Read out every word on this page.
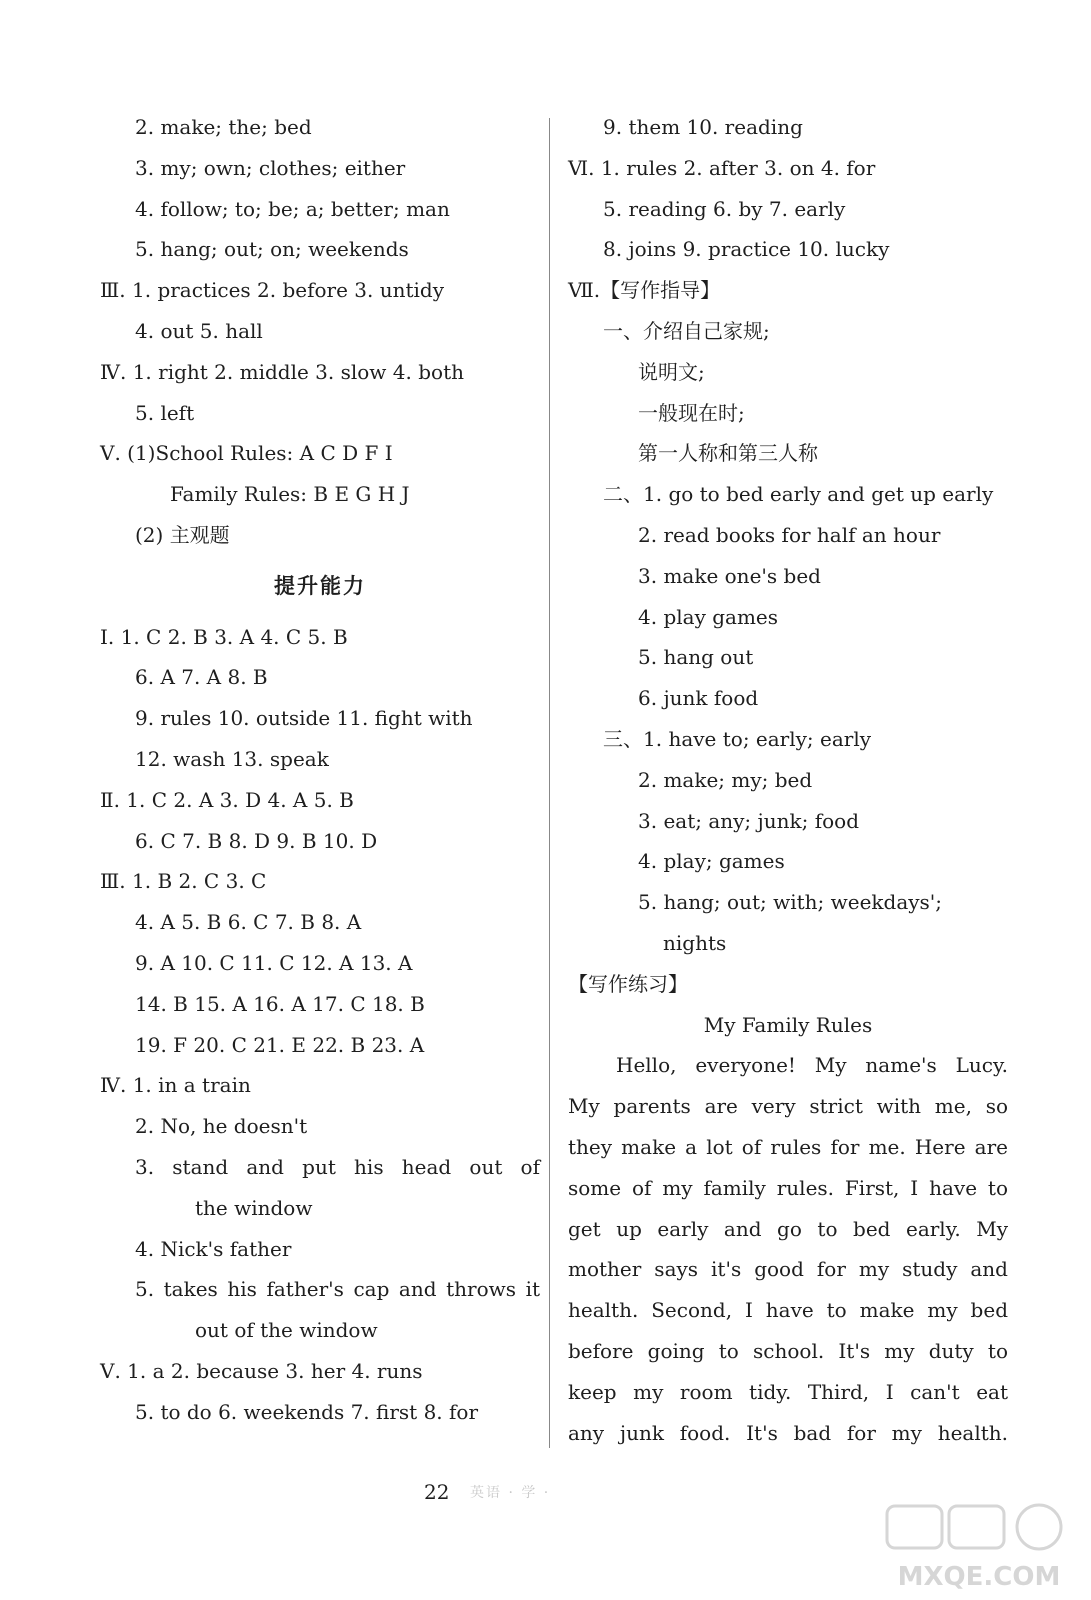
2. make; the; bed
3. my; own; clothes; either
4. follow; to; be; a; better; man
5. hang; out; on; weekends
Ⅲ. 1. practices 2. before 3. untidy
4. out 5. hall
Ⅳ. 1. right 2. middle 3. slow 4. both
5. left
Ⅴ. (1)School Rules: A C D F I
Family Rules: B E G H J
(2) 主观题
提升能力
Ⅰ. 1. C 2. B 3. A 4. C 5. B
6. A 7. A 8. B
9. rules 10. outside 11. fight with
12. wash 13. speak
Ⅱ. 1. C 2. A 3. D 4. A 5. B
6. C 7. B 8. D 9. B 10. D
Ⅲ. 1. B 2. C 3. C
4. A 5. B 6. C 7. B 8. A
9. A 10. C 11. C 12. A 13. A
14. B 15. A 16. A 17. C 18. B
19. F 20. C 21. E 22. B 23. A
Ⅳ. 1. in a train
2. No, he doesn't
3. stand and put his head out of
the window
4. Nick's father
5. takes his father's cap and throws it
out of the window
Ⅴ. 1. a 2. because 3. her 4. runs
5. to do 6. weekends 7. first 8. for
9. them 10. reading
Ⅵ. 1. rules 2. after 3. on 4. for
5. reading 6. by 7. early
8. joins 9. practice 10. lucky
Ⅶ.【写作指导】
一、介绍自己家规;
说明文;
一般现在时;
第一人称和第三人称
二、1. go to bed early and get up early
2. read books for half an hour
3. make one's bed
4. play games
5. hang out
6. junk food
三、1. have to; early; early
2. make; my; bed
3. eat; any; junk; food
4. play; games
5. hang; out; with; weekdays';
nights
【写作练习】
My Family Rules
Hello, everyone! My name's Lucy.
My parents are very strict with me, so
they make a lot of rules for me. Here are
some of my family rules. First, I have to
get up early and go to bed early. My
mother says it's good for my study and
health. Second, I have to make my bed
before going to school. It's my duty to
keep my room tidy. Third, I can't eat
any junk food. It's bad for my health.
22 英语 · 学 ·
MXQE.COM
